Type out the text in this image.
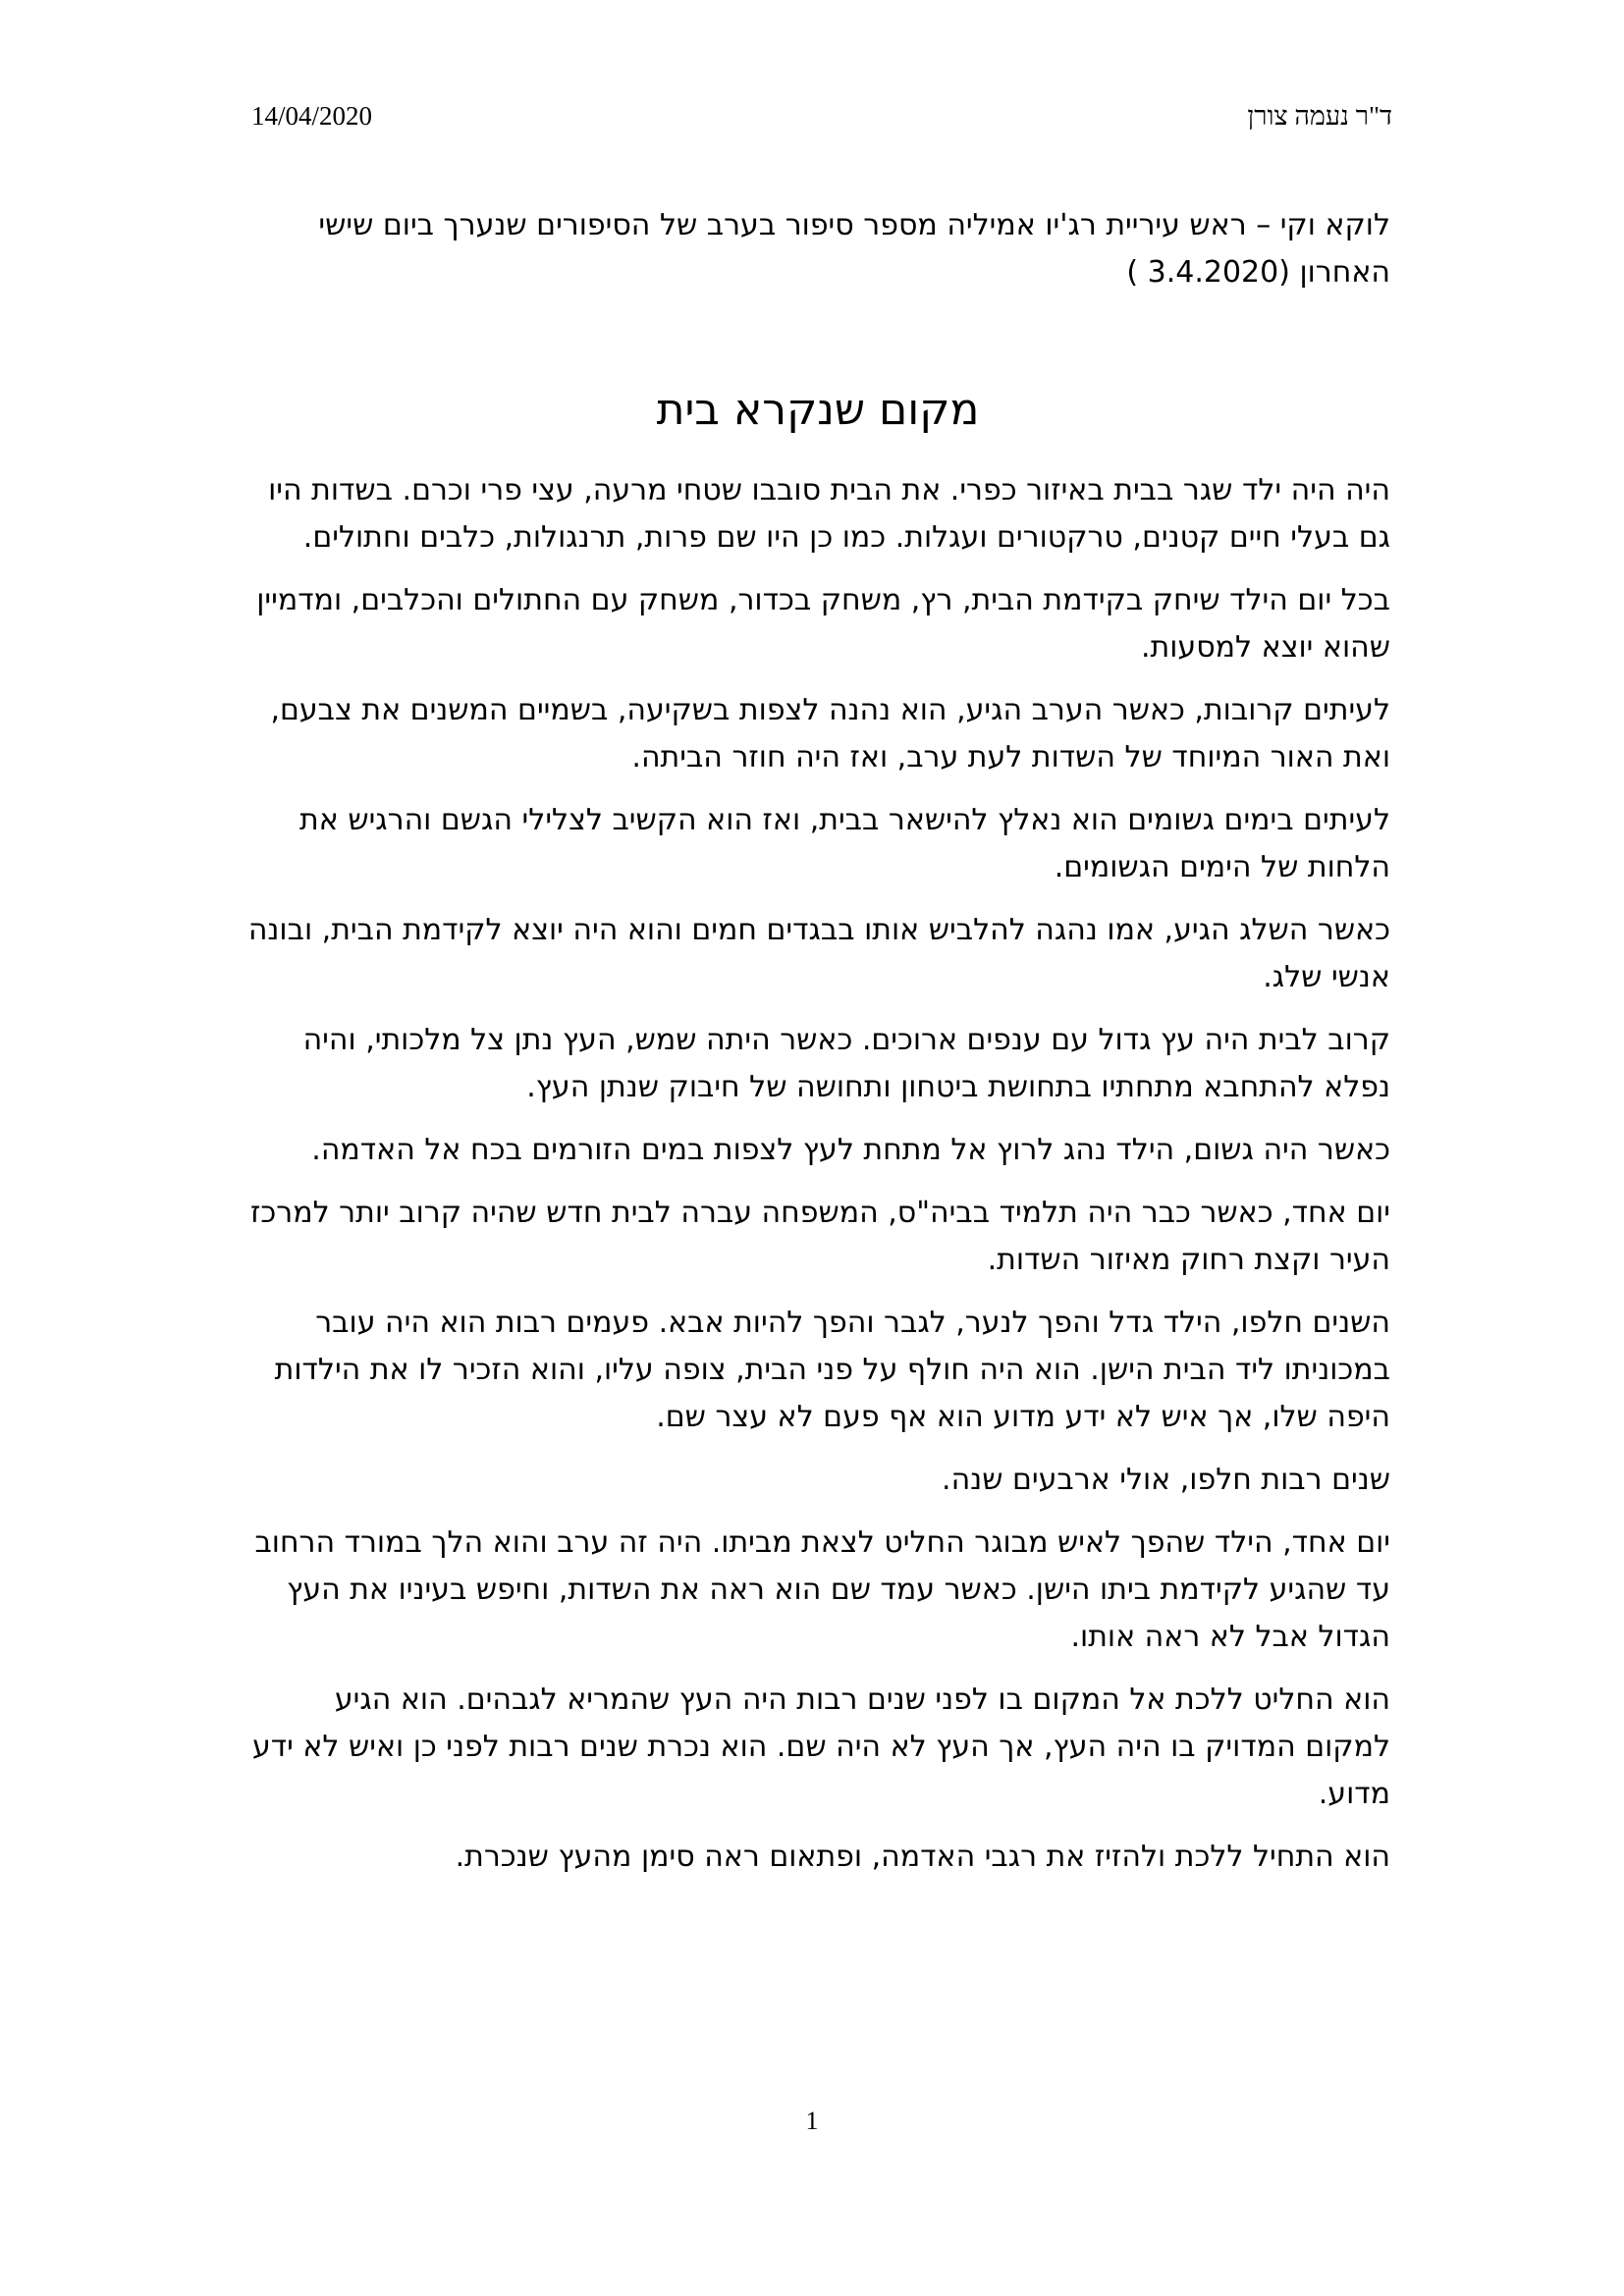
14/04/2020	ד"ר נעמה צורן

לוקא וקי – ראש עיריית רג'יו אמיליה מספר סיפור בערב של הסיפורים שנערך ביום שישי האחרון (3.4.2020 )

מקום שנקרא בית

היה היה ילד שגר בבית באיזור כפרי. את הבית סובבו שטחי מרעה, עצי פרי וכרם. בשדות היו גם בעלי חיים קטנים, טרקטורים ועגלות. כמו כן היו שם פרות, תרנגולות, כלבים וחתולים.

בכל יום הילד שיחק בקידמת הבית, רץ, משחק בכדור, משחק עם החתולים והכלבים, ומדמיין שהוא יוצא למסעות.

לעיתים קרובות, כאשר הערב הגיע, הוא נהנה לצפות בשקיעה, בשמיים המשנים את צבעם, ואת האור המיוחד של השדות לעת ערב, ואז היה חוזר הביתה.

לעיתים בימים גשומים הוא נאלץ להישאר בבית, ואז הוא הקשיב לצלילי הגשם והרגיש את הלחות של הימים הגשומים.

כאשר השלג הגיע, אמו נהגה להלביש אותו בבגדים חמים והוא היה יוצא לקידמת הבית, ובונה אנשי שלג.

קרוב לבית היה עץ גדול עם ענפים ארוכים. כאשר היתה שמש, העץ נתן צל מלכותי, והיה נפלא להתחבא מתחתיו בתחושת ביטחון ותחושה של חיבוק שנתן העץ.

כאשר היה גשום, הילד נהג לרוץ אל מתחת לעץ לצפות במים הזורמים בכח אל האדמה.

יום אחד, כאשר כבר היה תלמיד בביה"ס, המשפחה עברה לבית חדש שהיה קרוב יותר למרכז העיר וקצת רחוק מאיזור השדות.

השנים חלפו, הילד גדל והפך לנער, לגבר והפך להיות אבא. פעמים רבות הוא היה עובר במכוניתו ליד הבית הישן. הוא היה חולף על פני הבית, צופה עליו, והוא הזכיר לו את הילדות היפה שלו, אך איש לא ידע מדוע הוא אף פעם לא עצר שם.

שנים רבות חלפו, אולי ארבעים שנה.

יום אחד, הילד שהפך לאיש מבוגר החליט לצאת מביתו. היה זה ערב והוא הלך במורד הרחוב עד שהגיע לקידמת ביתו הישן. כאשר עמד שם הוא ראה את השדות, וחיפש בעיניו את העץ הגדול אבל לא ראה אותו.

הוא החליט ללכת אל המקום בו לפני שנים רבות היה העץ שהמריא לגבהים. הוא הגיע למקום המדויק בו היה העץ, אך העץ לא היה שם. הוא נכרת שנים רבות לפני כן ואיש לא ידע מדוע.

הוא התחיל ללכת ולהזיז את רגבי האדמה, ופתאום ראה סימן מהעץ שנכרת.

1
